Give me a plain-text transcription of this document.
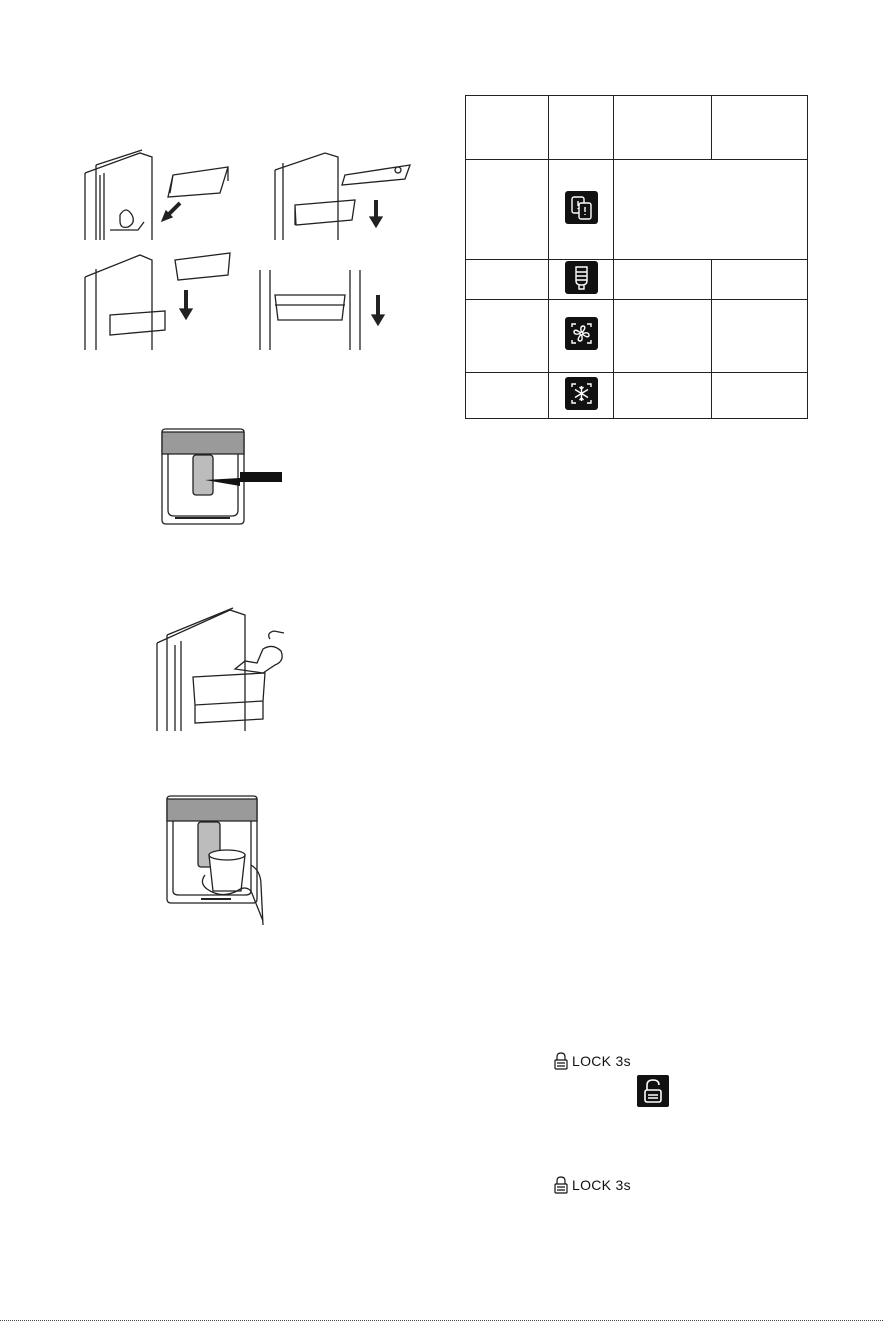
LOCK 3s
LOCK 3s
